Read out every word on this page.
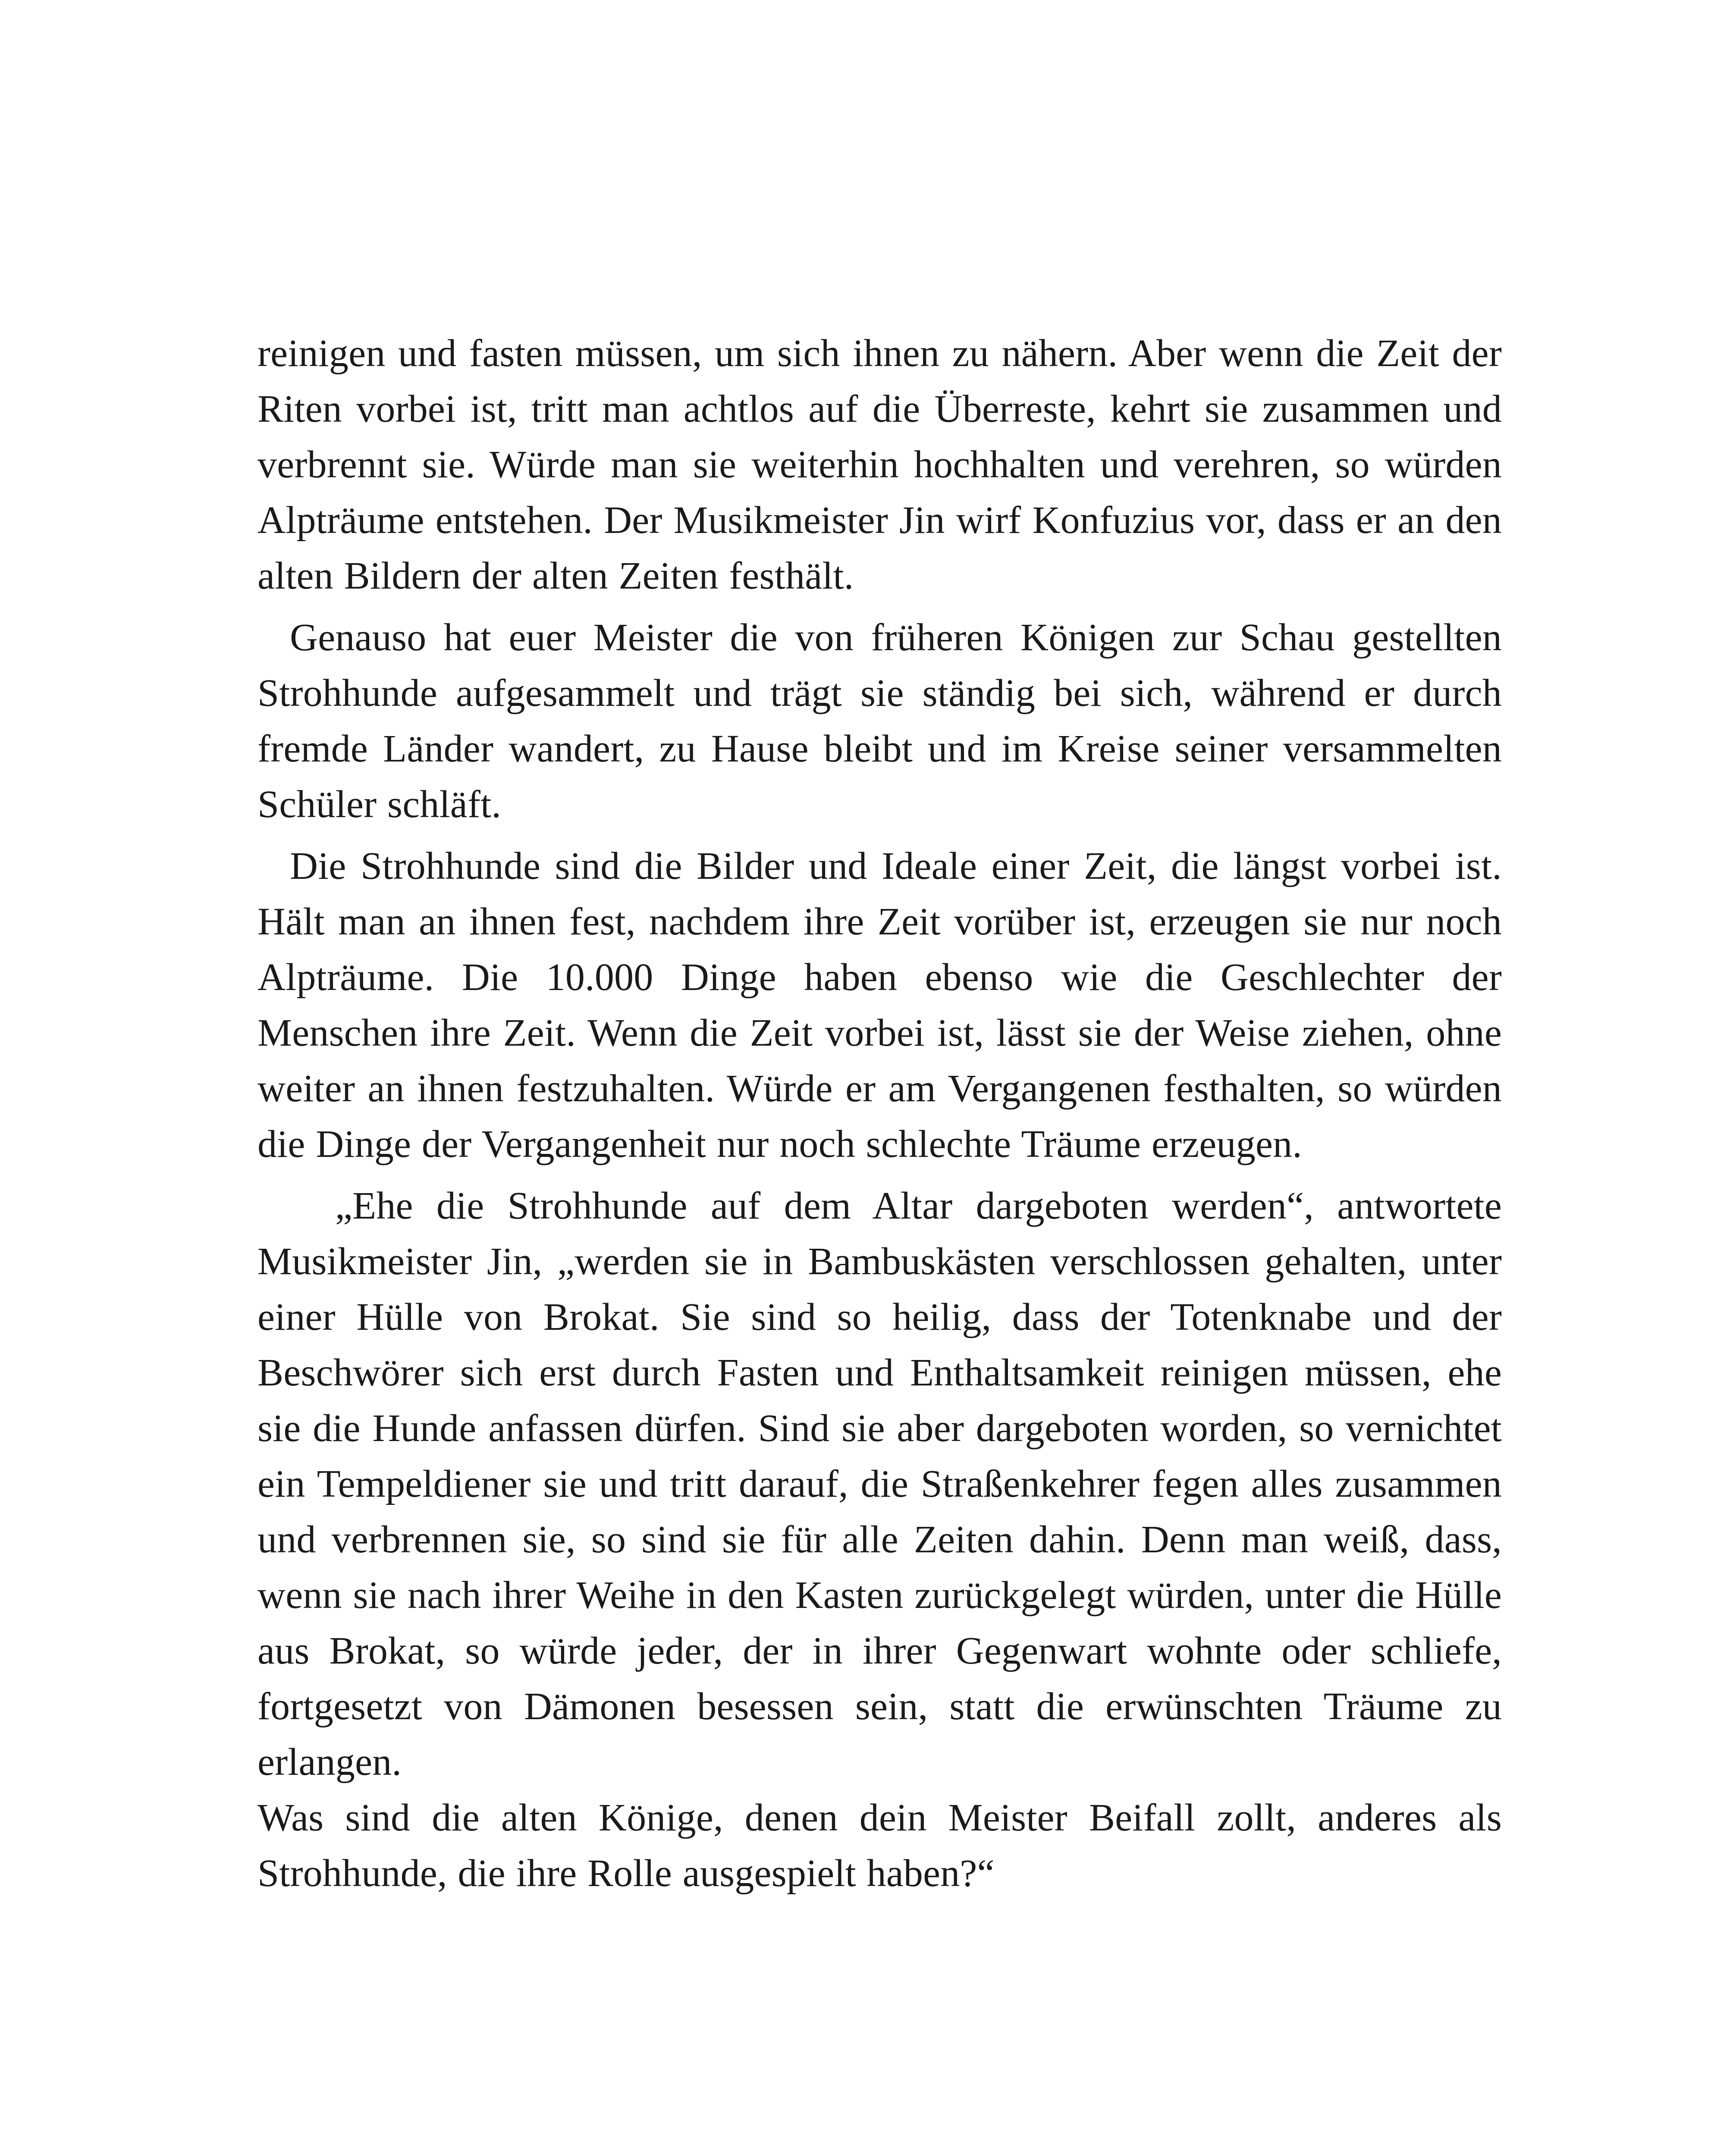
reinigen und fasten müssen, um sich ihnen zu nähern. Aber wenn die Zeit der Riten vorbei ist, tritt man achtlos auf die Überreste, kehrt sie zusammen und verbrennt sie. Würde man sie weiterhin hochhalten und verehren, so würden Alpträume entstehen. Der Musikmeister Jin wirf Konfuzius vor, dass er an den alten Bildern der alten Zeiten festhält.

Genauso hat euer Meister die von früheren Königen zur Schau gestellten Strohhunde aufgesammelt und trägt sie ständig bei sich, während er durch fremde Länder wandert, zu Hause bleibt und im Kreise seiner versammelten Schüler schläft.

Die Strohhunde sind die Bilder und Ideale einer Zeit, die längst vorbei ist. Hält man an ihnen fest, nachdem ihre Zeit vorüber ist, erzeugen sie nur noch Alpträume. Die 10.000 Dinge haben ebenso wie die Geschlechter der Menschen ihre Zeit. Wenn die Zeit vorbei ist, lässt sie der Weise ziehen, ohne weiter an ihnen festzuhalten. Würde er am Vergangenen festhalten, so würden die Dinge der Vergangenheit nur noch schlechte Träume erzeugen.

„Ehe die Strohhunde auf dem Altar dargeboten werden“, antwortete Musikmeister Jin, „werden sie in Bambuskästen verschlossen gehalten, unter einer Hülle von Brokat. Sie sind so heilig, dass der Totenknabe und der Beschwörer sich erst durch Fasten und Enthaltsamkeit reinigen müssen, ehe sie die Hunde anfassen dürfen. Sind sie aber dargeboten worden, so vernichtet ein Tempeldiener sie und tritt darauf, die Straßenkehrer fegen alles zusammen und verbrennen sie, so sind sie für alle Zeiten dahin. Denn man weiß, dass, wenn sie nach ihrer Weihe in den Kasten zurückgelegt würden, unter die Hülle aus Brokat, so würde jeder, der in ihrer Gegenwart wohnte oder schliefe, fortgesetzt von Dämonen besessen sein, statt die erwünschten Träume zu erlangen.

Was sind die alten Könige, denen dein Meister Beifall zollt, anderes als Strohhunde, die ihre Rolle ausgespielt haben?“
